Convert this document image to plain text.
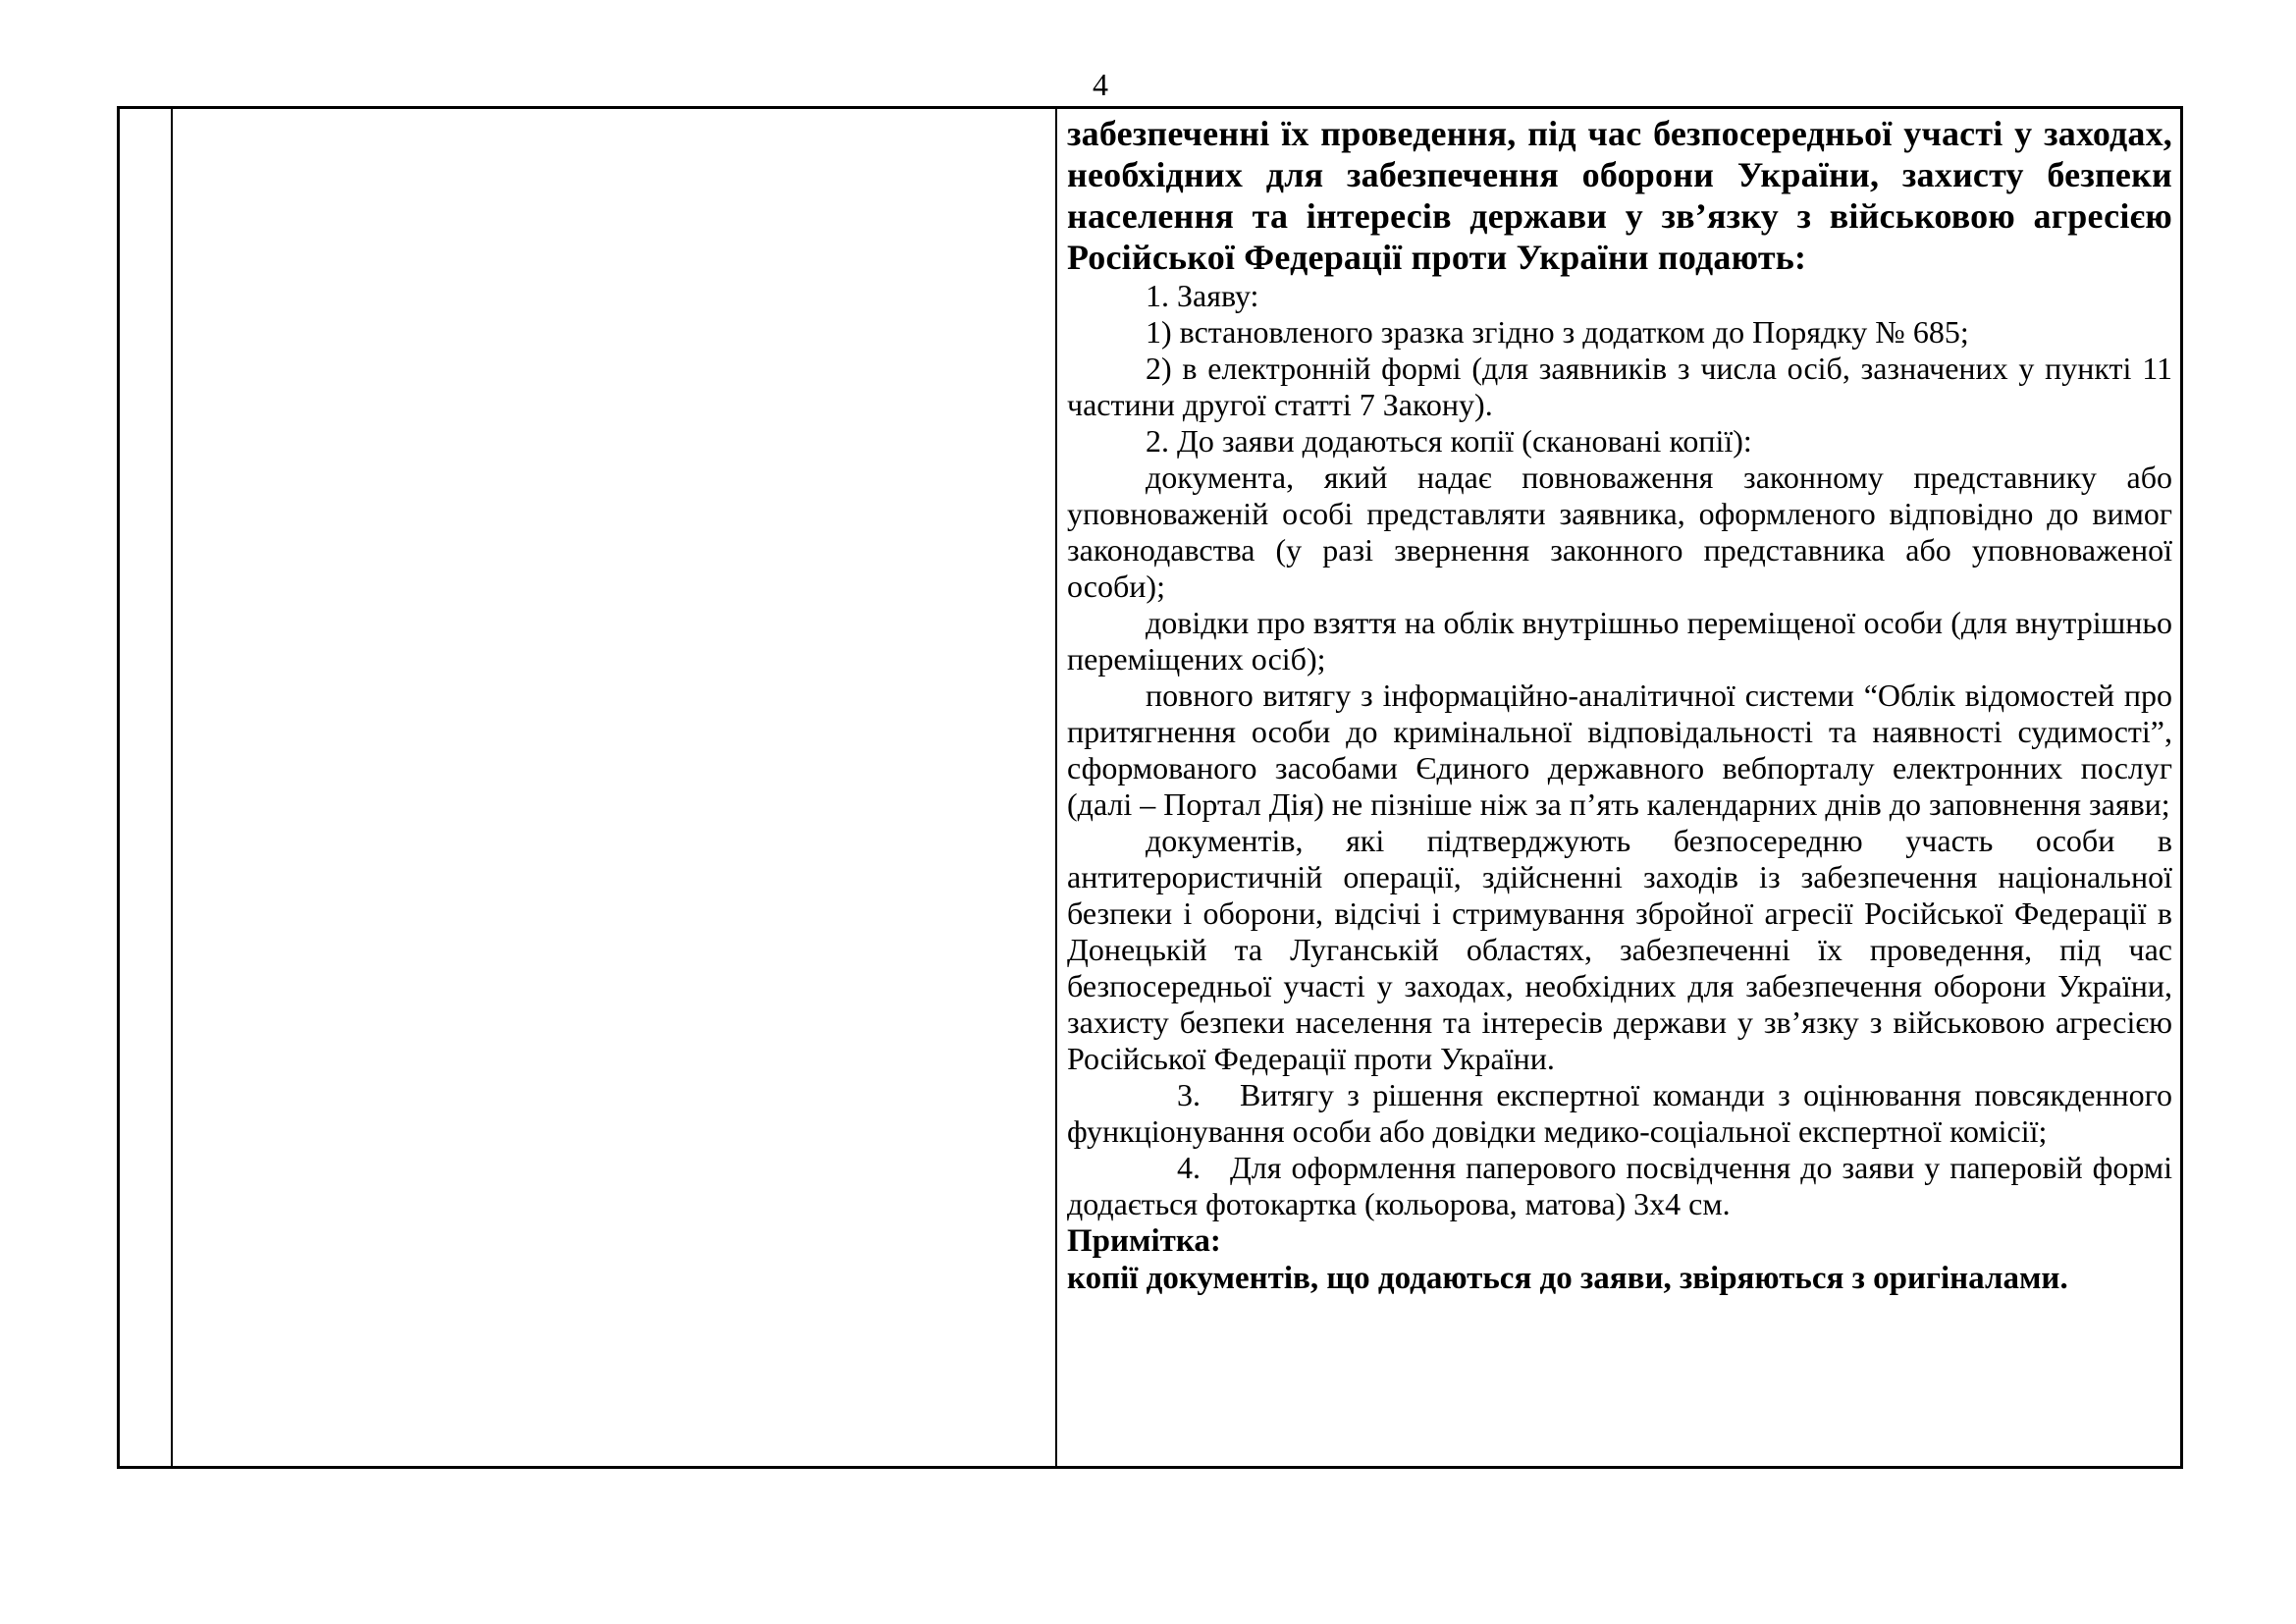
4

забезпеченні їх проведення, під час безпосередньої участі у заходах, необхідних для забезпечення оборони України, захисту безпеки населення та інтересів держави у зв’язку з військовою агресією Російської Федерації проти України подають:

1. Заяву:

1) встановленого зразка згідно з додатком до Порядку № 685;

2) в електронній формі (для заявників з числа осіб, зазначених у пункті 11 частини другої статті 7 Закону).

2. До заяви додаються копії (скановані копії):

документа, який надає повноваження законному представнику або уповноваженій особі представляти заявника, оформленого відповідно до вимог законодавства (у разі звернення законного представника або уповноваженої особи);

довідки про взяття на облік внутрішньо переміщеної особи (для внутрішньо переміщених осіб);

повного витягу з інформаційно-аналітичної системи “Облік відомостей про притягнення особи до кримінальної відповідальності та наявності судимості”, сформованого засобами Єдиного державного вебпорталу електронних послуг (далі – Портал Дія) не пізніше ніж за п’ять календарних днів до заповнення заяви;

документів, які підтверджують безпосередню участь особи в антитерористичній операції, здійсненні заходів із забезпечення національної безпеки і оборони, відсічі і стримування збройної агресії Російської Федерації в Донецькій та Луганській областях, забезпеченні їх проведення, під час безпосередньої участі у заходах, необхідних для забезпечення оборони України, захисту безпеки населення та інтересів держави у зв’язку з військовою агресією Російської Федерації проти України.

3.   Витягу з рішення експертної команди з оцінювання повсякденного функціонування особи або довідки медико-соціальної експертної комісії;

4.   Для оформлення паперового посвідчення до заяви у паперовій формі додається фотокартка (кольорова, матова) 3х4 см.

Примітка:

копії документів, що додаються до заяви, звіряються з оригіналами.
